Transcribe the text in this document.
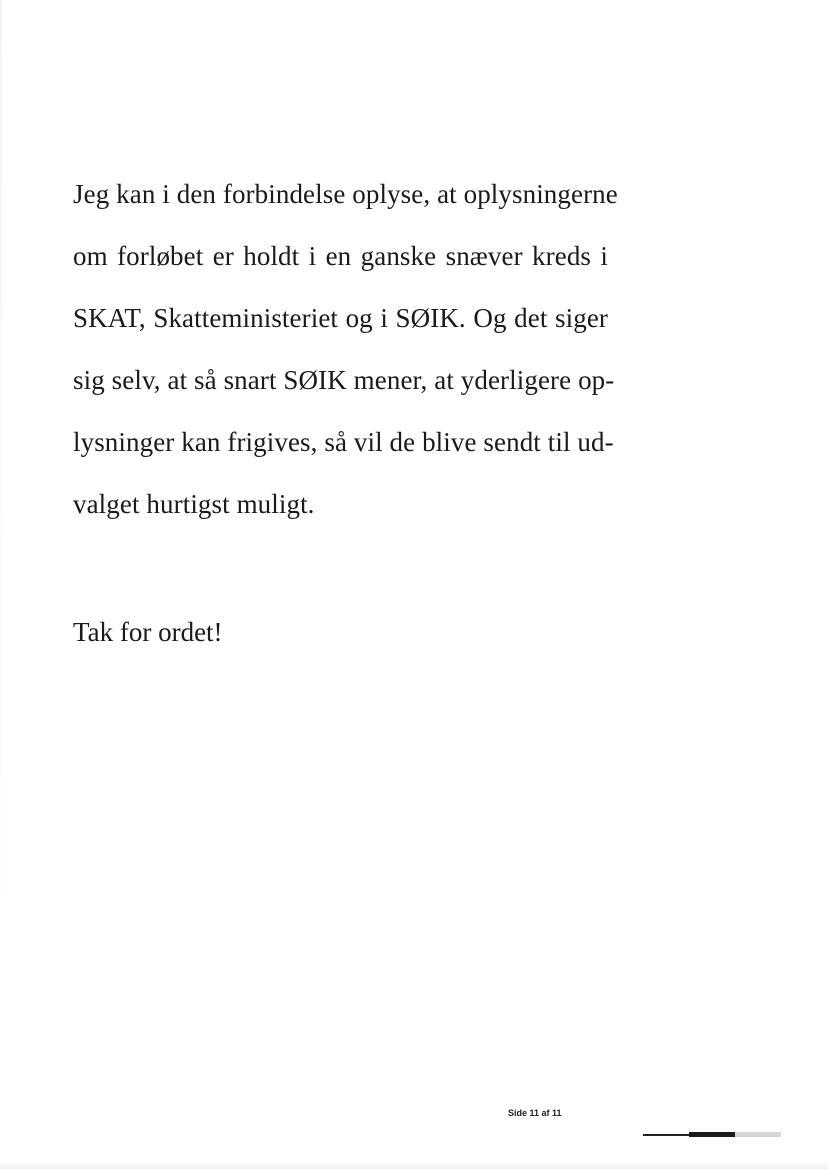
Jeg kan i den forbindelse oplyse, at oplysningerne
om forløbet er holdt i en ganske snæver kreds i
SKAT, Skatteministeriet og i SØIK. Og det siger
sig selv, at så snart SØIK mener, at yderligere op-
lysninger kan frigives, så vil de blive sendt til ud-
valget hurtigst muligt.

Tak for ordet!

Side 11 af 11
